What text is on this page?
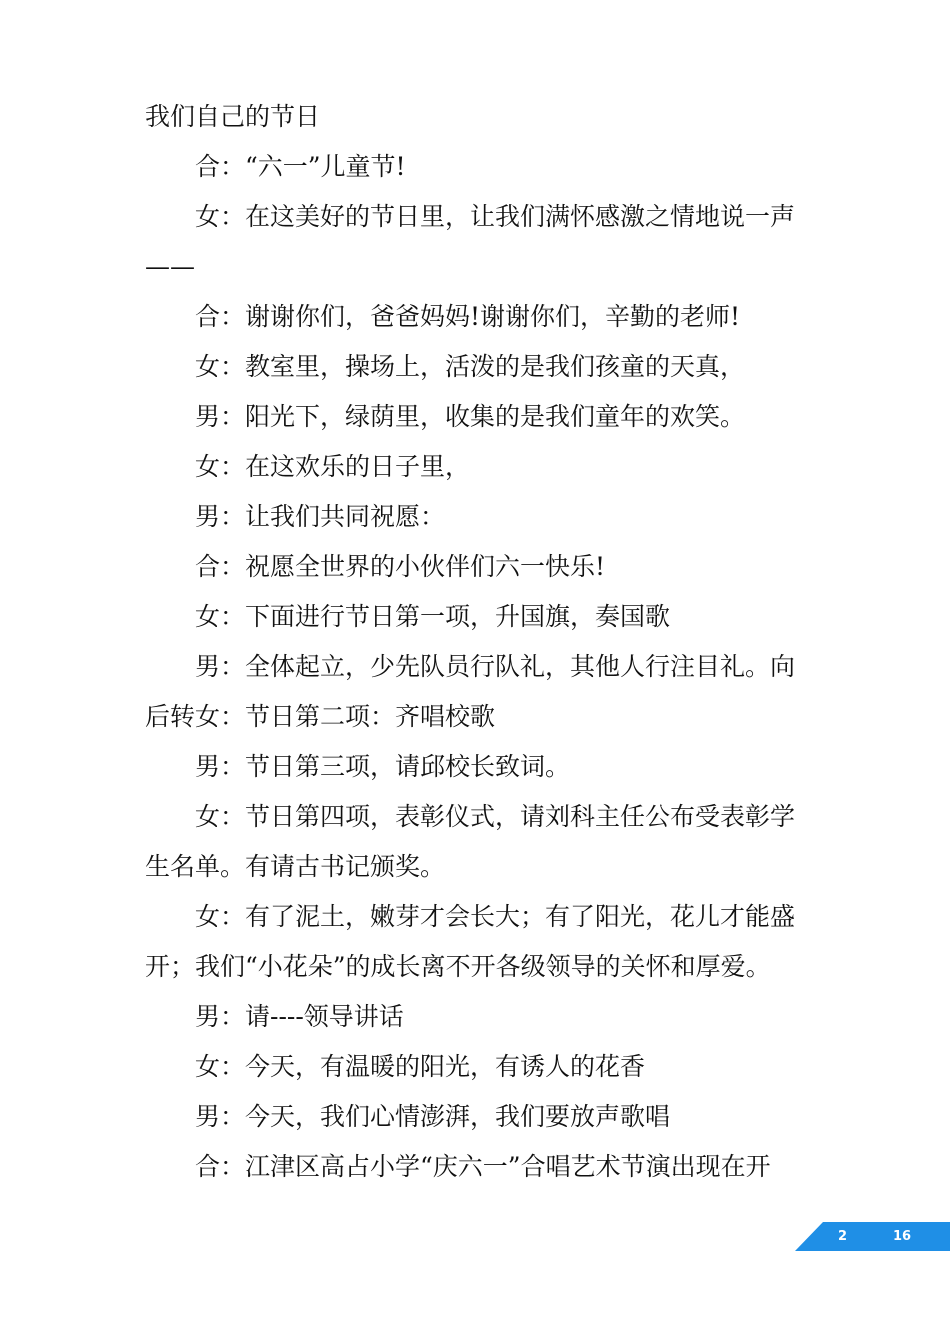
我们自己的节日
合：“六一”儿童节!
女：在这美好的节日里，让我们满怀感激之情地说一声
——
合：谢谢你们，爸爸妈妈!谢谢你们，辛勤的老师!
女：教室里，操场上，活泼的是我们孩童的天真，
男：阳光下，绿荫里，收集的是我们童年的欢笑。
女：在这欢乐的日子里，
男：让我们共同祝愿：
合：祝愿全世界的小伙伴们六一快乐!
女：下面进行节日第一项，升国旗，奏国歌
男：全体起立，少先队员行队礼，其他人行注目礼。向
后转女：节日第二项：齐唱校歌
男：节日第三项，请邱校长致词。
女：节日第四项，表彰仪式，请刘科主任公布受表彰学
生名单。有请古书记颁奖。
女：有了泥土，嫩芽才会长大；有了阳光，花儿才能盛
开；我们“小花朵”的成长离不开各级领导的关怀和厚爱。
男：请----领导讲话
女：今天，有温暖的阳光，有诱人的花香
男：今天，我们心情澎湃，我们要放声歌唱
合：江津区高占小学“庆六一”合唱艺术节演出现在开
2	16
